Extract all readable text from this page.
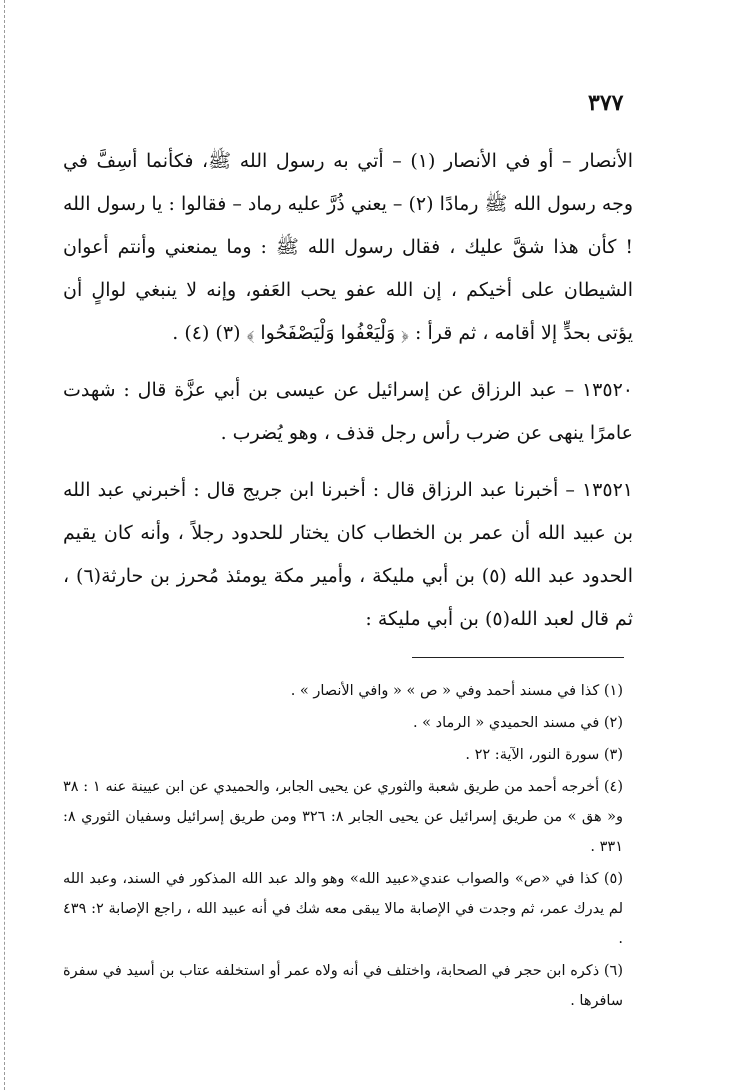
٣٧٧

الأنصار – أو في الأنصار (١) – أتي به رسول الله ﷺ، فكأنما أسِفَّ في وجه رسول الله ﷺ رمادًا (٢) – يعني ذُرَّ عليه رماد – فقالوا : يا رسول الله ! كأن هذا شقَّ عليك ، فقال رسول الله ﷺ : وما يمنعني وأنتم أعوان الشيطان على أخيكم ، إن الله عفو يحب العَفو، وإنه لا ينبغي لوالٍ أن يؤتى بحدٍّ إلا أقامه ، ثم قرأ : ﴿ وَلْيَعْفُوا وَلْيَصْفَحُوا ﴾ (٣) (٤) .

١٣٥٢٠ – عبد الرزاق عن إسرائيل عن عيسى بن أبي عزَّة قال : شهدت عامرًا ينهى عن ضرب رأس رجل قذف ، وهو يُضرب .

١٣٥٢١ – أخبرنا عبد الرزاق قال : أخبرنا ابن جريج قال : أخبرني عبد الله بن عبيد الله أن عمر بن الخطاب كان يختار للحدود رجلاً ، وأنه كان يقيم الحدود عبد الله (٥) بن أبي مليكة ، وأمير مكة يومئذ مُحرز بن حارثة(٦) ، ثم قال لعبد الله(٥) بن أبي مليكة :

(١) كذا في مسند أحمد وفي « ص » « وافي الأنصار » .

(٢) في مسند الحميدي « الرماد » .

(٣) سورة النور، الآية: ٢٢ .

(٤) أخرجه أحمد من طريق شعبة والثوري عن يحيى الجابر، والحميدي عن ابن عيينة عنه ١ : ٣٨ و« هق » من طريق إسرائيل عن يحيى الجابر ٨: ٣٢٦ ومن طريق إسرائيل وسفيان الثوري ٨: ٣٣١ .

(٥) كذا في «ص» والصواب عندي«عبيد الله» وهو والد عبد الله المذكور في السند، وعبد الله لم يدرك عمر، ثم وجدت في الإصابة مالا يبقى معه شك في أنه عبيد الله ، راجع الإصابة ٢: ٤٣٩ .

(٦) ذكره ابن حجر في الصحابة، واختلف في أنه ولاه عمر أو استخلفه عتاب بن أسيد في سفرة سافرها .
